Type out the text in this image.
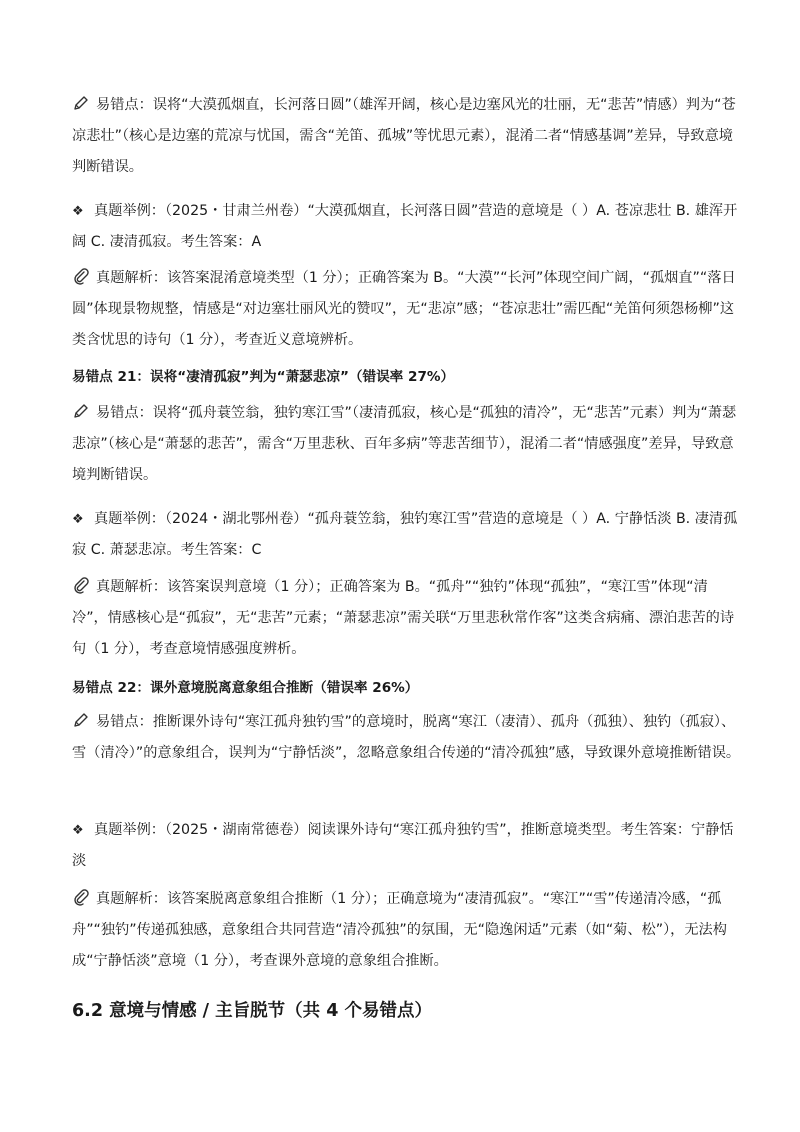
易错点：误将“大漠孤烟直，长河落日圆”（雄浑开阔，核心是边塞风光的壮丽，无“悲苦”情感）判为“苍凉悲壮”（核心是边塞的荒凉与忧国，需含“羌笛、孤城”等忧思元素），混淆二者“情感基调”差异，导致意境判断错误。
❖ 真题举例：（2025・甘肃兰州卷）“大漠孤烟直，长河落日圆”营造的意境是（ ）A. 苍凉悲壮 B. 雄浑开阔 C. 凄清孤寂。考生答案：A
真题解析：该答案混淆意境类型（1 分）；正确答案为 B。“大漠”“长河”体现空间广阔，“孤烟直”“落日圆”体现景物规整，情感是“对边塞壮丽风光的赞叹”，无“悲凉”感；“苍凉悲壮”需匹配“羌笛何须怨杨柳”这类含忧思的诗句（1 分），考查近义意境辨析。
易错点 21：误将“凄清孤寂”判为“萧瑟悲凉”（错误率 27%）
易错点：误将“孤舟蓑笠翁，独钓寒江雪”（凄清孤寂，核心是“孤独的清冷”，无“悲苦”元素）判为“萧瑟悲凉”（核心是“萧瑟的悲苦”，需含“万里悲秋、百年多病”等悲苦细节），混淆二者“情感强度”差异，导致意境判断错误。
❖ 真题举例：（2024・湖北鄂州卷）“孤舟蓑笠翁，独钓寒江雪”营造的意境是（ ）A. 宁静恬淡 B. 凄清孤寂 C. 萧瑟悲凉。考生答案：C
真题解析：该答案误判意境（1 分）；正确答案为 B。“孤舟”“独钓”体现“孤独”，“寒江雪”体现“清冷”，情感核心是“孤寂”，无“悲苦”元素；“萧瑟悲凉”需关联“万里悲秋常作客”这类含病痛、漂泊悲苦的诗句（1 分），考查意境情感强度辨析。
易错点 22：课外意境脱离意象组合推断（错误率 26%）
易错点：推断课外诗句“寒江孤舟独钓雪”的意境时，脱离“寒江（凄清）、孤舟（孤独）、独钓（孤寂）、雪（清冷）”的意象组合，误判为“宁静恬淡”，忽略意象组合传递的“清冷孤独”感，导致课外意境推断错误。
❖ 真题举例：（2025・湖南常德卷）阅读课外诗句“寒江孤舟独钓雪”，推断意境类型。考生答案：宁静恬淡
真题解析：该答案脱离意象组合推断（1 分）；正确意境为“凄清孤寂”。“寒江”“雪”传递清冷感，“孤舟”“独钓”传递孤独感，意象组合共同营造“清冷孤独”的氛围，无“隐逸闲适”元素（如“菊、松”），无法构成“宁静恬淡”意境（1 分），考查课外意境的意象组合推断。
6.2 意境与情感 / 主旨脱节（共 4 个易错点）
